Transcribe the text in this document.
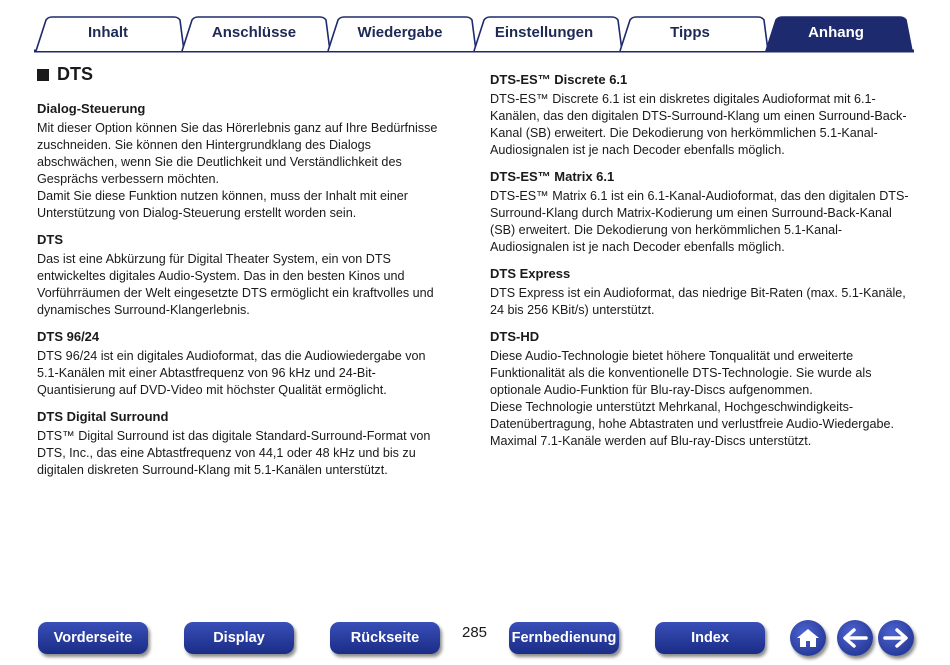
Inhalt	Anschlüsse	Wiedergabe	Einstellungen	Tipps	Anhang
DTS
Dialog-Steuerung

Mit dieser Option können Sie das Hörerlebnis ganz auf Ihre Bedürfnisse zuschneiden. Sie können den Hintergrundklang des Dialogs abschwächen, wenn Sie die Deutlichkeit und Verständlichkeit des Gesprächs verbessern möchten.

Damit Sie diese Funktion nutzen können, muss der Inhalt mit einer Unterstützung von Dialog-Steuerung erstellt worden sein.

DTS

Das ist eine Abkürzung für Digital Theater System, ein von DTS entwickeltes digitales Audio-System. Das in den besten Kinos und Vorführräumen der Welt eingesetzte DTS ermöglicht ein kraftvolles und dynamisches Surround-Klangerlebnis.

DTS 96/24

DTS 96/24 ist ein digitales Audioformat, das die Audiowiedergabe von 5.1-Kanälen mit einer Abtastfrequenz von 96 kHz und 24-Bit-Quantisierung auf DVD-Video mit höchster Qualität ermöglicht.

DTS Digital Surround

DTS™ Digital Surround ist das digitale Standard-Surround-Format von DTS, Inc., das eine Abtastfrequenz von 44,1 oder 48 kHz und bis zu digitalen diskreten Surround-Klang mit 5.1-Kanälen unterstützt.

DTS-ES™ Discrete 6.1

DTS-ES™ Discrete 6.1 ist ein diskretes digitales Audioformat mit 6.1-Kanälen, das den digitalen DTS-Surround-Klang um einen Surround-Back- Kanal (SB) erweitert. Die Dekodierung von herkömmlichen 5.1-Kanal-Audiosignalen ist je nach Decoder ebenfalls möglich.

DTS-ES™ Matrix 6.1

DTS-ES™ Matrix 6.1 ist ein 6.1-Kanal-Audioformat, das den digitalen DTS-Surround-Klang durch Matrix-Kodierung um einen Surround-Back-Kanal (SB) erweitert. Die Dekodierung von herkömmlichen 5.1-Kanal-Audiosignalen ist je nach Decoder ebenfalls möglich.

DTS Express

DTS Express ist ein Audioformat, das niedrige Bit-Raten (max. 5.1-Kanäle, 24 bis 256 KBit/s) unterstützt.

DTS-HD

Diese Audio-Technologie bietet höhere Tonqualität und erweiterte Funktionalität als die konventionelle DTS-Technologie. Sie wurde als optionale Audio-Funktion für Blu-ray-Discs aufgenommen.

Diese Technologie unterstützt Mehrkanal, Hochgeschwindigkeits-Datenübertragung, hohe Abtastraten und verlustfreie Audio-Wiedergabe. Maximal 7.1-Kanäle werden auf Blu-ray-Discs unterstützt.

Vorderseite	Display	Rückseite	285 Fernbedienung	Index
